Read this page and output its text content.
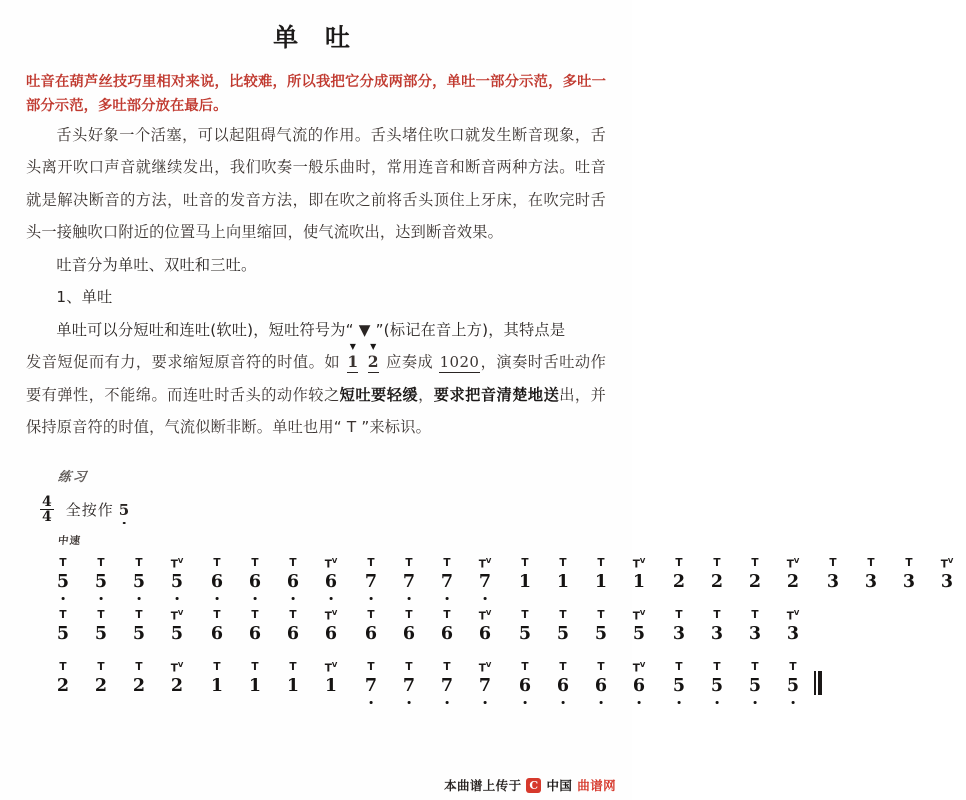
单 吐
吐音在葫芦丝技巧里相对来说，比较难，所以我把它分成两部分，单吐一部分示范，多吐一部分示范，多吐部分放在最后。

舌头好象一个活塞，可以起阻碍气流的作用。舌头堵住吹口就发生断音现象，舌头离开吹口声音就继续发出，我们吹奏一般乐曲时，常用连音和断音两种方法。吐音就是解决断音的方法，吐音的发音方法，即在吹之前将舌头顶住上牙床，在吹完时舌头一接触吹口附近的位置马上向里缩回，使气流吹出，达到断音效果。

吐音分为单吐、双吐和三吐。

1、单吐

单吐可以分短吐和连吐(软吐)，短吐符号为“ ▼ ”(标记在音上方)，其特点是

发音短促而有力，要求缩短原音符的时值。如
▼
1
▼
2 应奏成 1020，演奏时舌吐动作要有弹性，不能绵。而连吐时舌头的动作较之短吐要轻缓，要求把音清楚地送出，并保持原音符的时值，气流似断非断。单吐也用“ T ”来标识。

练习
$\frac{4}{4}$ 全按作 5
中速
T
5
T
5
T
5
$T^V$
5
T
6
T
6
T
6
$T^V$
6
T
7
T
7
T
7
$T^V$
7
T
1
T
1
T
1
$T^V$
1
T
2
T
2
T
2
$T^V$
2
T
3
T
3
T
3
$T^V$
3
T
5
T
5
T
5
$T^V$
5
T
6
T
6
T
6
$T^V$
6
T
6
T
6
T
6
$T^V$
6
T
5
T
5
T
5
$T^V$
5
T
3
T
3
T
3
$T^V$
3
T
2
T
2
T
2
$T^V$
2
T
1
T
1
T
1
$T^V$
1
T
7
T
7
T
7
$T^V$
7
T
6
T
6
T
6
$T^V$
6
T
5
T
5
T
5
T
5
本曲谱上传于 C 中国 曲谱网
